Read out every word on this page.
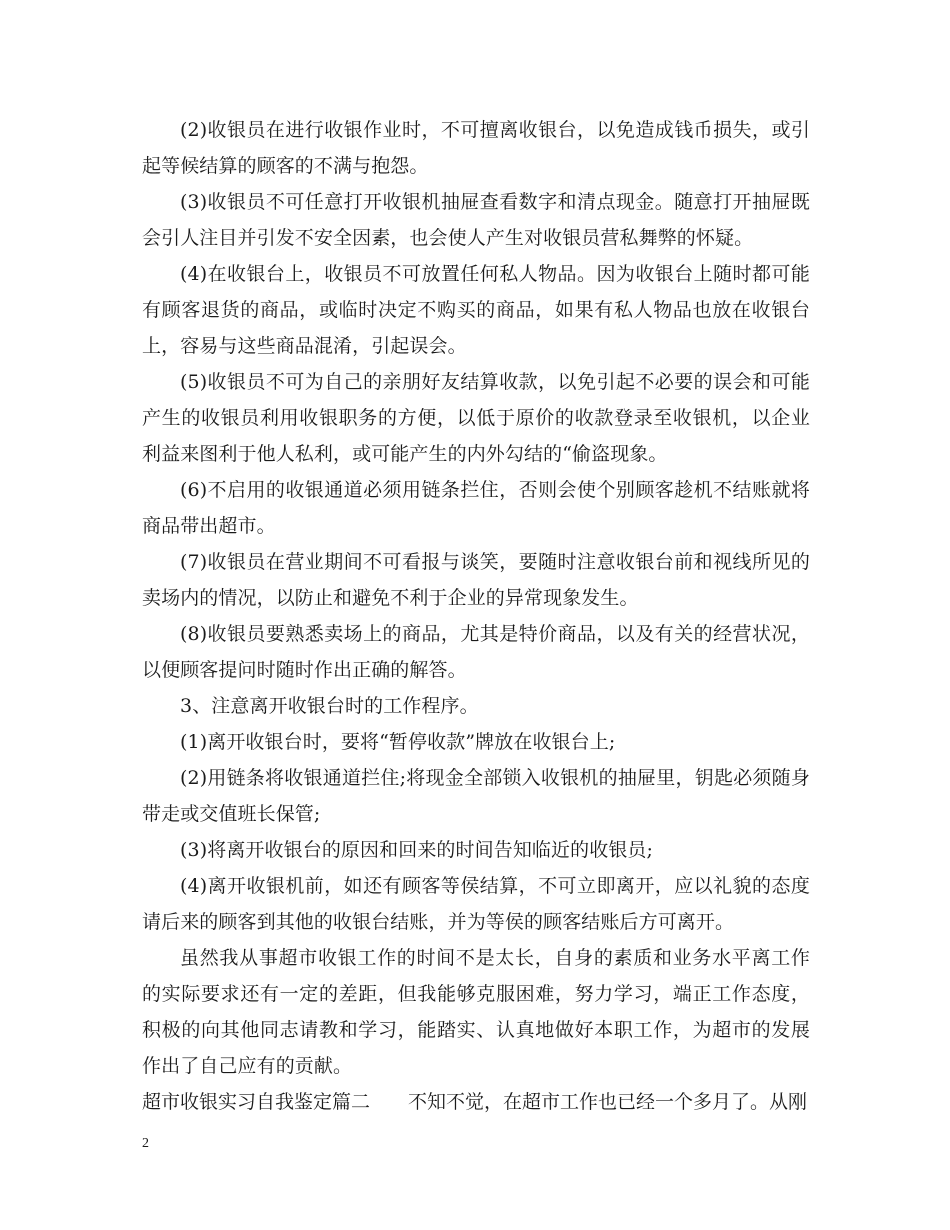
(2)收银员在进行收银作业时，不可擅离收银台，以免造成钱币损失，或引起等候结算的顾客的不满与抱怨。

(3)收银员不可任意打开收银机抽屉查看数字和清点现金。随意打开抽屉既会引人注目并引发不安全因素，也会使人产生对收银员营私舞弊的怀疑。

(4)在收银台上，收银员不可放置任何私人物品。因为收银台上随时都可能有顾客退货的商品，或临时决定不购买的商品，如果有私人物品也放在收银台上，容易与这些商品混淆，引起误会。

(5)收银员不可为自己的亲朋好友结算收款，以免引起不必要的误会和可能产生的收银员利用收银职务的方便，以低于原价的收款登录至收银机，以企业利益来图利于他人私利，或可能产生的内外勾结的“偷盗现象。

(6)不启用的收银通道必须用链条拦住，否则会使个别顾客趁机不结账就将商品带出超市。

(7)收银员在营业期间不可看报与谈笑，要随时注意收银台前和视线所见的卖场内的情况，以防止和避免不利于企业的异常现象发生。

(8)收银员要熟悉卖场上的商品，尤其是特价商品，以及有关的经营状况，以便顾客提问时随时作出正确的解答。

3、注意离开收银台时的工作程序。

(1)离开收银台时，要将“暂停收款”牌放在收银台上;

(2)用链条将收银通道拦住;将现金全部锁入收银机的抽屉里，钥匙必须随身带走或交值班长保管;

(3)将离开收银台的原因和回来的时间告知临近的收银员;

(4)离开收银机前，如还有顾客等侯结算，不可立即离开，应以礼貌的态度请后来的顾客到其他的收银台结账，并为等侯的顾客结账后方可离开。

虽然我从事超市收银工作的时间不是太长，自身的素质和业务水平离工作的实际要求还有一定的差距，但我能够克服困难，努力学习，端正工作态度，积极的向其他同志请教和学习，能踏实、认真地做好本职工作，为超市的发展作出了自己应有的贡献。

超市收银实习自我鉴定篇二 不知不觉，在超市工作也已经一个多月了。从刚

2
